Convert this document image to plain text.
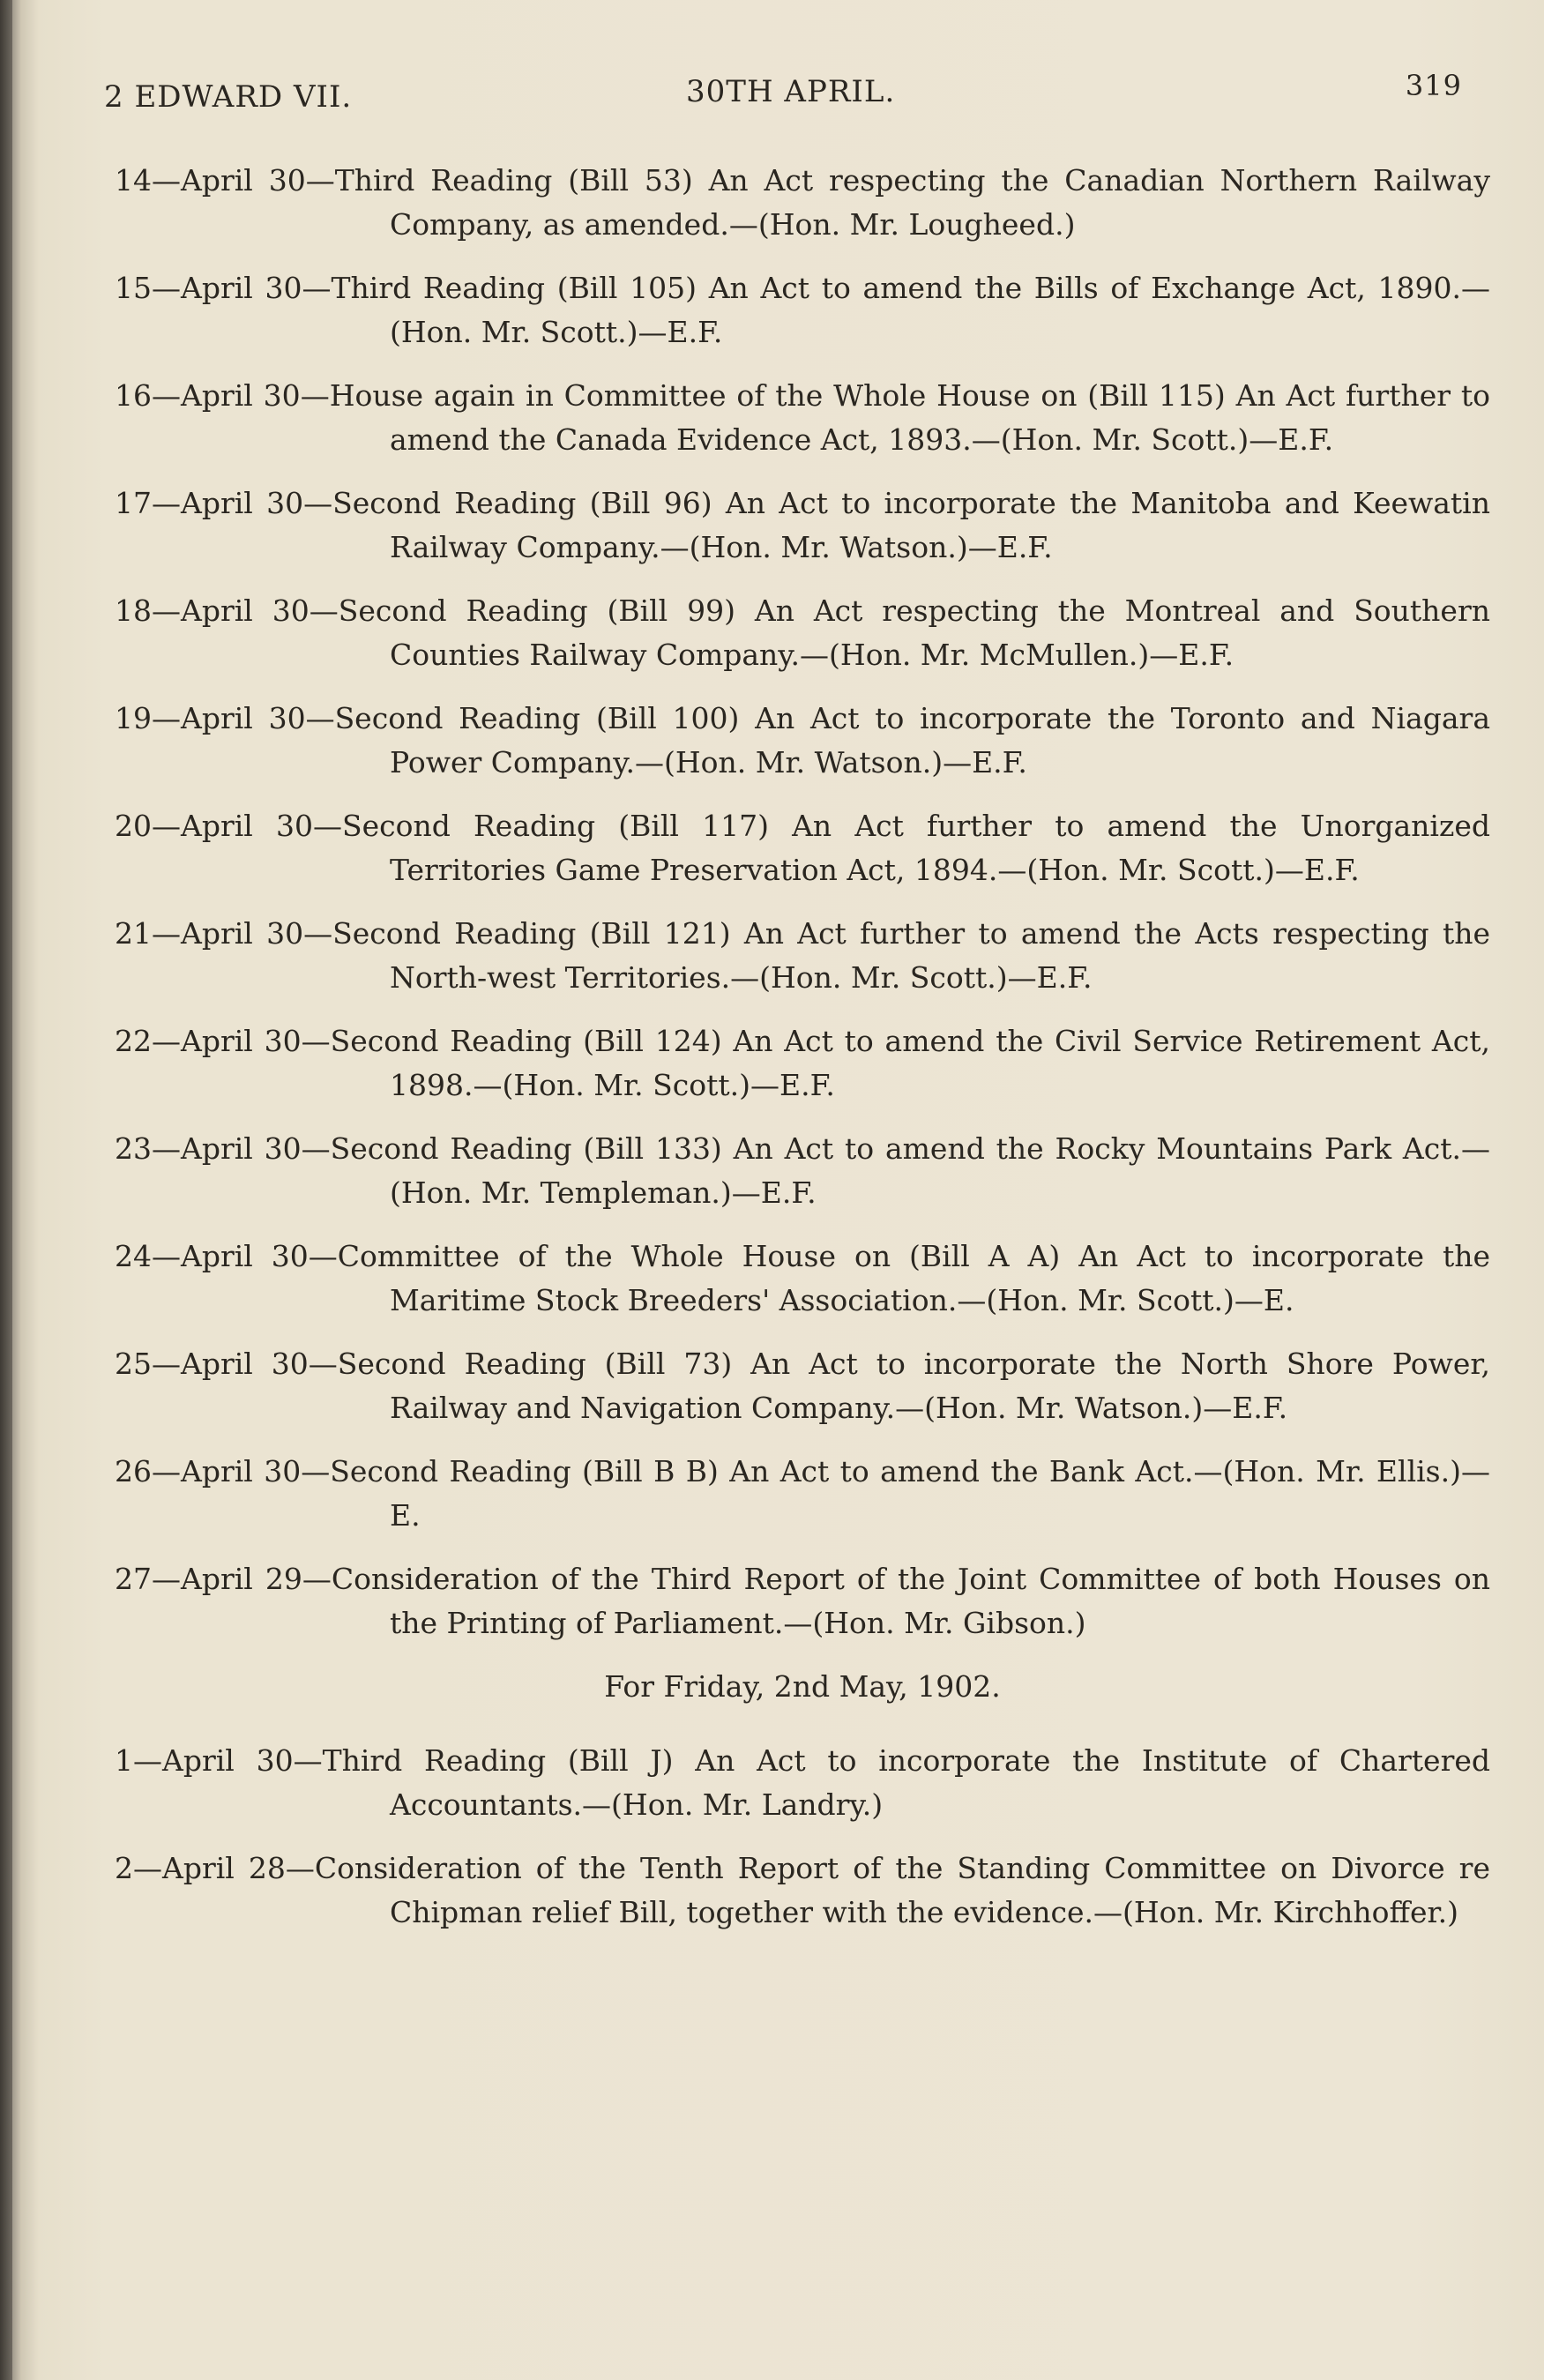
2 EDWARD VII.	30TH APRIL.	319
14—April 30—Third Reading (Bill 53) An Act respecting the Canadian Northern Railway Company, as amended.—(Hon. Mr. Lougheed.)
15—April 30—Third Reading (Bill 105) An Act to amend the Bills of Exchange Act, 1890.—(Hon. Mr. Scott.)—E.F.
16—April 30—House again in Committee of the Whole House on (Bill 115) An Act further to amend the Canada Evidence Act, 1893.—(Hon. Mr. Scott.)—E.F.
17—April 30—Second Reading (Bill 96) An Act to incorporate the Manitoba and Keewatin Railway Company.—(Hon. Mr. Watson.)—E.F.
18—April 30—Second Reading (Bill 99) An Act respecting the Montreal and Southern Counties Railway Company.—(Hon. Mr. McMullen.)—E.F.
19—April 30—Second Reading (Bill 100) An Act to incorporate the Toronto and Niagara Power Company.—(Hon. Mr. Watson.)—E.F.
20—April 30—Second Reading (Bill 117) An Act further to amend the Unorganized Territories Game Preservation Act, 1894.—(Hon. Mr. Scott.)—E.F.
21—April 30—Second Reading (Bill 121) An Act further to amend the Acts respecting the North-west Territories.—(Hon. Mr. Scott.)—E.F.
22—April 30—Second Reading (Bill 124) An Act to amend the Civil Service Retirement Act, 1898.—(Hon. Mr. Scott.)—E.F.
23—April 30—Second Reading (Bill 133) An Act to amend the Rocky Mountains Park Act.—(Hon. Mr. Templeman.)—E.F.
24—April 30—Committee of the Whole House on (Bill A A) An Act to incorporate the Maritime Stock Breeders' Association.—(Hon. Mr. Scott.)—E.
25—April 30—Second Reading (Bill 73) An Act to incorporate the North Shore Power, Railway and Navigation Company.—(Hon. Mr. Watson.)—E.F.
26—April 30—Second Reading (Bill B B) An Act to amend the Bank Act.—(Hon. Mr. Ellis.)—E.
27—April 29—Consideration of the Third Report of the Joint Committee of both Houses on the Printing of Parliament.—(Hon. Mr. Gibson.)
For Friday, 2nd May, 1902.
1—April 30—Third Reading (Bill J) An Act to incorporate the Institute of Chartered Accountants.—(Hon. Mr. Landry.)
2—April 28—Consideration of the Tenth Report of the Standing Committee on Divorce re Chipman relief Bill, together with the evidence.—(Hon. Mr. Kirchhoffer.)
